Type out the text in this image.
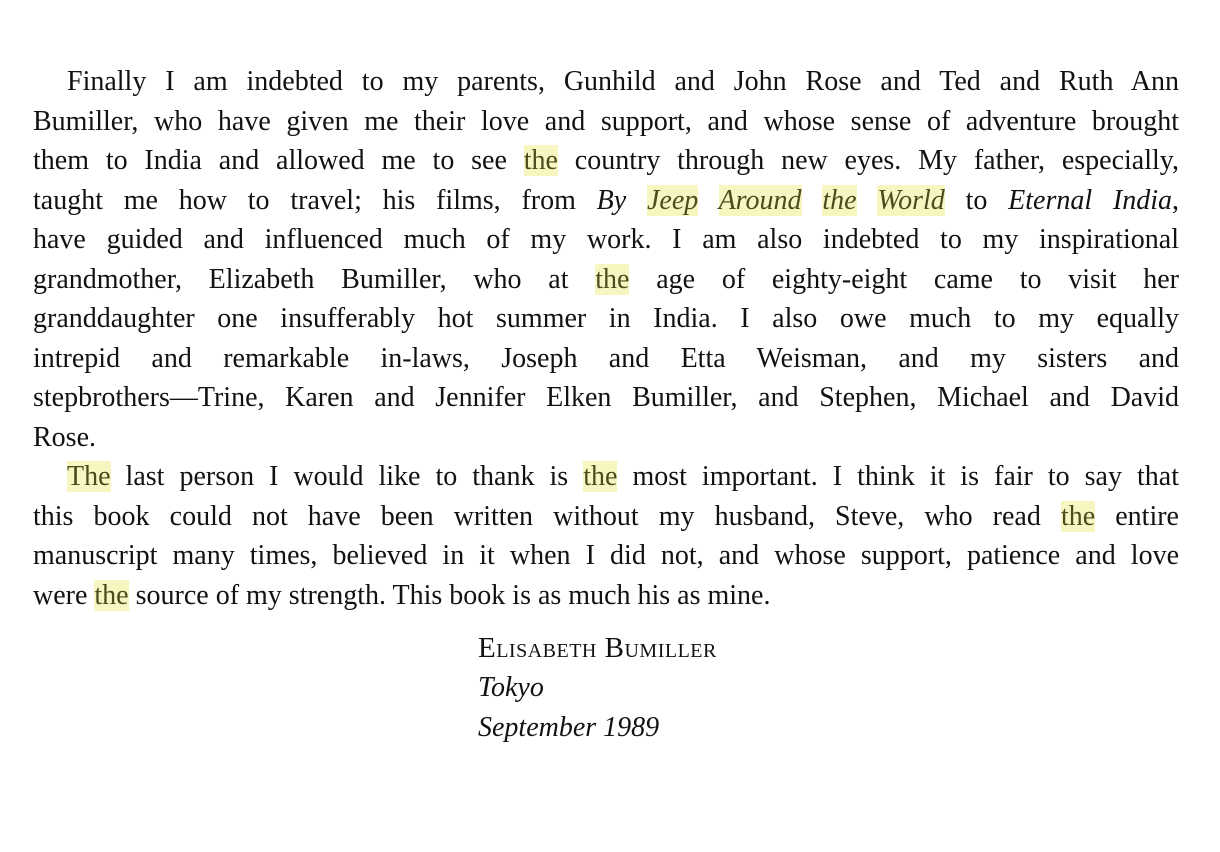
Finally I am indebted to my parents, Gunhild and John Rose and Ted and Ruth Ann
Bumiller, who have given me their love and support, and whose sense of adventure brought
them to India and allowed me to see the country through new eyes. My father, especially,
taught me how to travel; his films, from By Jeep Around the World to Eternal India,
have guided and influenced much of my work. I am also indebted to my inspirational
grandmother, Elizabeth Bumiller, who at the age of eighty-eight came to visit her
granddaughter one insufferably hot summer in India. I also owe much to my equally
intrepid and remarkable in-laws, Joseph and Etta Weisman, and my sisters and
stepbrothers—Trine, Karen and Jennifer Elken Bumiller, and Stephen, Michael and David
Rose.
The last person I would like to thank is the most important. I think it is fair to say that
this book could not have been written without my husband, Steve, who read the entire
manuscript many times, believed in it when I did not, and whose support, patience and love
were the source of my strength. This book is as much his as mine.
Elisabeth Bumiller
Tokyo
September 1989
